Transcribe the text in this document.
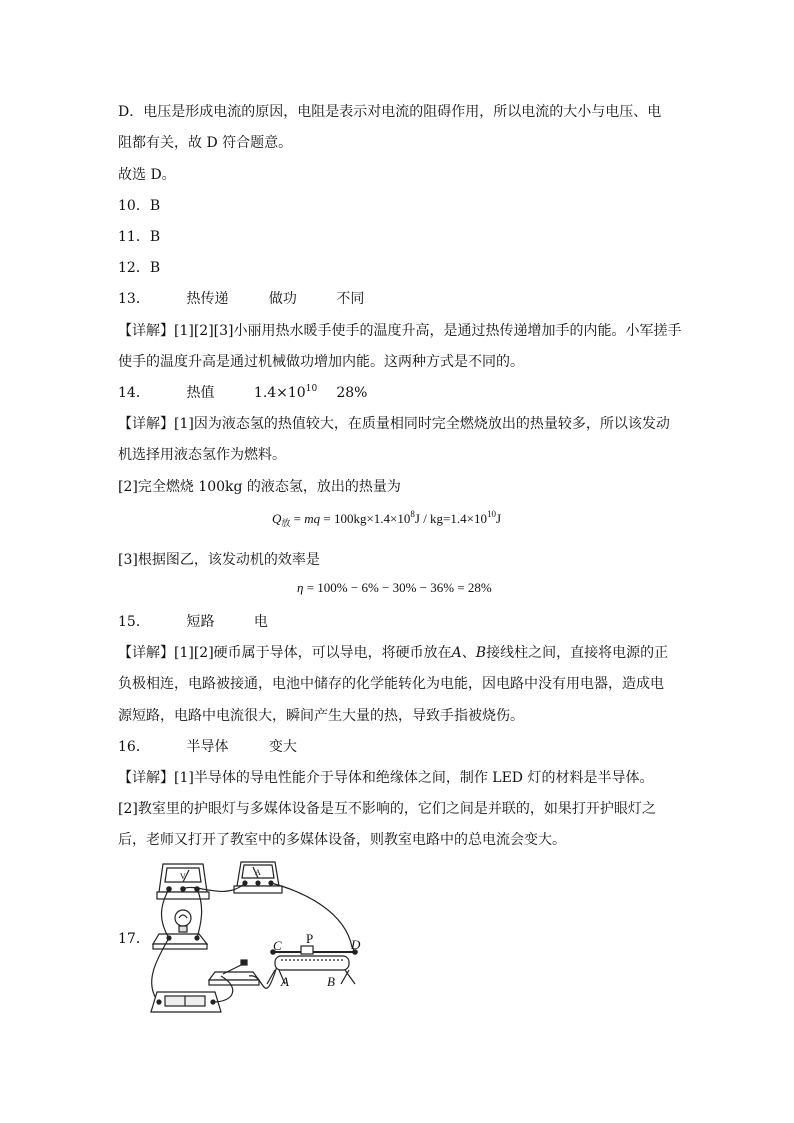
D．电压是形成电流的原因，电阻是表示对电流的阻碍作用，所以电流的大小与电压、电
阻都有关，故 D 符合题意。
故选 D。
10．B
11．B
12．B
13．	热传递	做功	不同
【详解】[1][2][3]小丽用热水暖手使手的温度升高，是通过热传递增加手的内能。小军搓手
使手的温度升高是通过机械做功增加内能。这两种方式是不同的。
14．	热值	$1.4\times 10^{10}$ 28%
【详解】[1]因为液态氢的热值较大，在质量相同时完全燃烧放出的热量较多，所以该发动
机选择用液态氢作为燃料。
[2]完全燃烧 100kg 的液态氢，放出的热量为
$Q_放$ = mq = $100kg\times 1.4\times 10^8J / kg=1.4\times 10^{10}J$
[3]根据图乙，该发动机的效率是
η = 100% − 6% − 30% − 36% = 28%
15．	短路	电
【详解】[1][2]硬币属于导体，可以导电，将硬币放在A、B接线柱之间，直接将电源的正
负极相连，电路被接通，电池中储存的化学能转化为电能，因电路中没有用电器，造成电
源短路，电路中电流很大，瞬间产生大量的热，导致手指被烧伤。
16．	半导体	变大
【详解】[1]半导体的导电性能介于导体和绝缘体之间，制作 LED 灯的材料是半导体。
[2]教室里的护眼灯与多媒体设备是互不影响的，它们之间是并联的，如果打开护眼灯之
后，老师又打开了教室中的多媒体设备，则教室电路中的总电流会变大。
17．	C P	D
A	B
V	A
